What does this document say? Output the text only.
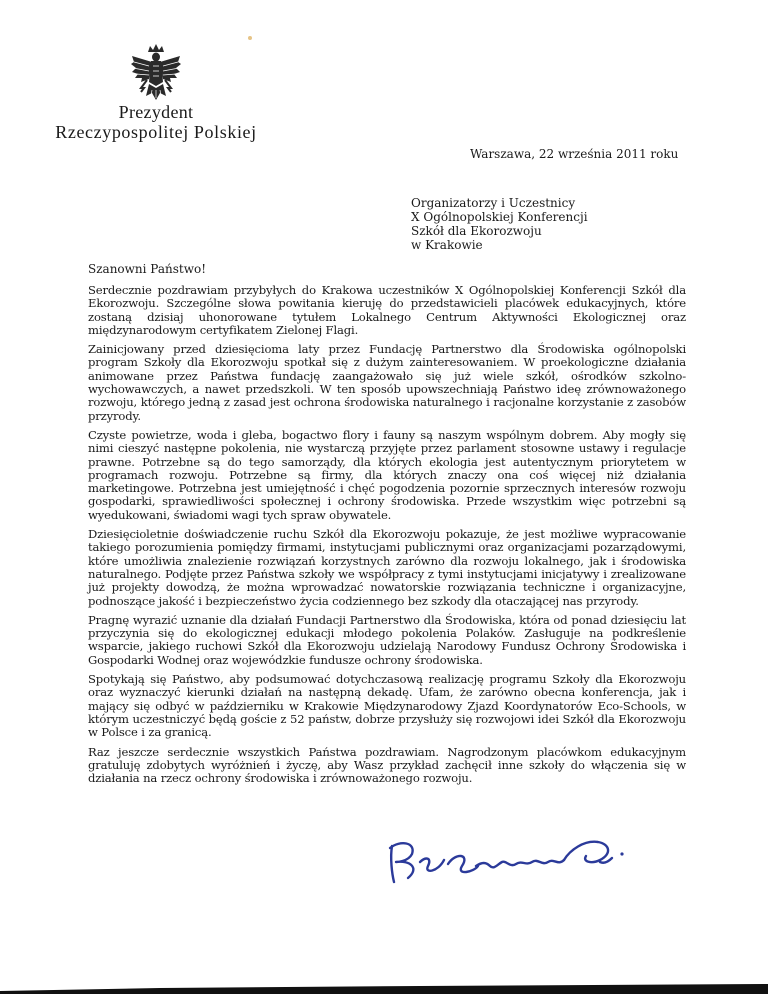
Prezydent
Rzeczypospolitej Polskiej
Warszawa, 22 września 2011 roku
Organizatorzy i Uczestnicy
X Ogólnopolskiej Konferencji
Szkół dla Ekorozwoju
w Krakowie
Szanowni Państwo!

Serdecznie pozdrawiam przybyłych do Krakowa uczestników X Ogólnopolskiej Konferencji Szkół dla Ekorozwoju. Szczególne słowa powitania kieruję do przedstawicieli placówek edukacyjnych, które zostaną dzisiaj uhonorowane tytułem Lokalnego Centrum Aktywności Ekologicznej oraz międzynarodowym certyfikatem Zielonej Flagi.

Zainicjowany przed dziesięcioma laty przez Fundację Partnerstwo dla Środowiska ogólnopolski program Szkoły dla Ekorozwoju spotkał się z dużym zainteresowaniem. W proekologiczne działania animowane przez Państwa fundację zaangażowało się już wiele szkół, ośrodków szkolno-wychowawczych, a nawet przedszkoli. W ten sposób upowszechniają Państwo ideę zrównoważonego rozwoju, którego jedną z zasad jest ochrona środowiska naturalnego i racjonalne korzystanie z zasobów przyrody.

Czyste powietrze, woda i gleba, bogactwo flory i fauny są naszym wspólnym dobrem. Aby mogły się nimi cieszyć następne pokolenia, nie wystarczą przyjęte przez parlament stosowne ustawy i regulacje prawne. Potrzebne są do tego samorządy, dla których ekologia jest autentycznym priorytetem w programach rozwoju. Potrzebne są firmy, dla których znaczy ona coś więcej niż działania marketingowe. Potrzebna jest umiejętność i chęć pogodzenia pozornie sprzecznych interesów rozwoju gospodarki, sprawiedliwości społecznej i ochrony środowiska. Przede wszystkim więc potrzebni są wyedukowani, świadomi wagi tych spraw obywatele.

Dziesięcioletnie doświadczenie ruchu Szkół dla Ekorozwoju pokazuje, że jest możliwe wypracowanie takiego porozumienia pomiędzy firmami, instytucjami publicznymi oraz organizacjami pozarządowymi, które umożliwia znalezienie rozwiązań korzystnych zarówno dla rozwoju lokalnego, jak i środowiska naturalnego. Podjęte przez Państwa szkoły we współpracy z tymi instytucjami inicjatywy i zrealizowane już projekty dowodzą, że można wprowadzać nowatorskie rozwiązania techniczne i organizacyjne, podnoszące jakość i bezpieczeństwo życia codziennego bez szkody dla otaczającej nas przyrody.

Pragnę wyrazić uznanie dla działań Fundacji Partnerstwo dla Środowiska, która od ponad dziesięciu lat przyczynia się do ekologicznej edukacji młodego pokolenia Polaków. Zasługuje na podkreślenie wsparcie, jakiego ruchowi Szkół dla Ekorozwoju udzielają Narodowy Fundusz Ochrony Środowiska i Gospodarki Wodnej oraz wojewódzkie fundusze ochrony środowiska.

Spotykają się Państwo, aby podsumować dotychczasową realizację programu Szkoły dla Ekorozwoju oraz wyznaczyć kierunki działań na następną dekadę. Ufam, że zarówno obecna konferencja, jak i mający się odbyć w październiku w Krakowie Międzynarodowy Zjazd Koordynatorów Eco-Schools, w którym uczestniczyć będą goście z 52 państw, dobrze przysłuży się rozwojowi idei Szkół dla Ekorozwoju w Polsce i za granicą.

Raz jeszcze serdecznie wszystkich Państwa pozdrawiam. Nagrodzonym placówkom edukacyjnym gratuluję zdobytych wyróżnień i życzę, aby Wasz przykład zachęcił inne szkoły do włączenia się w działania na rzecz ochrony środowiska i zrównoważonego rozwoju.
